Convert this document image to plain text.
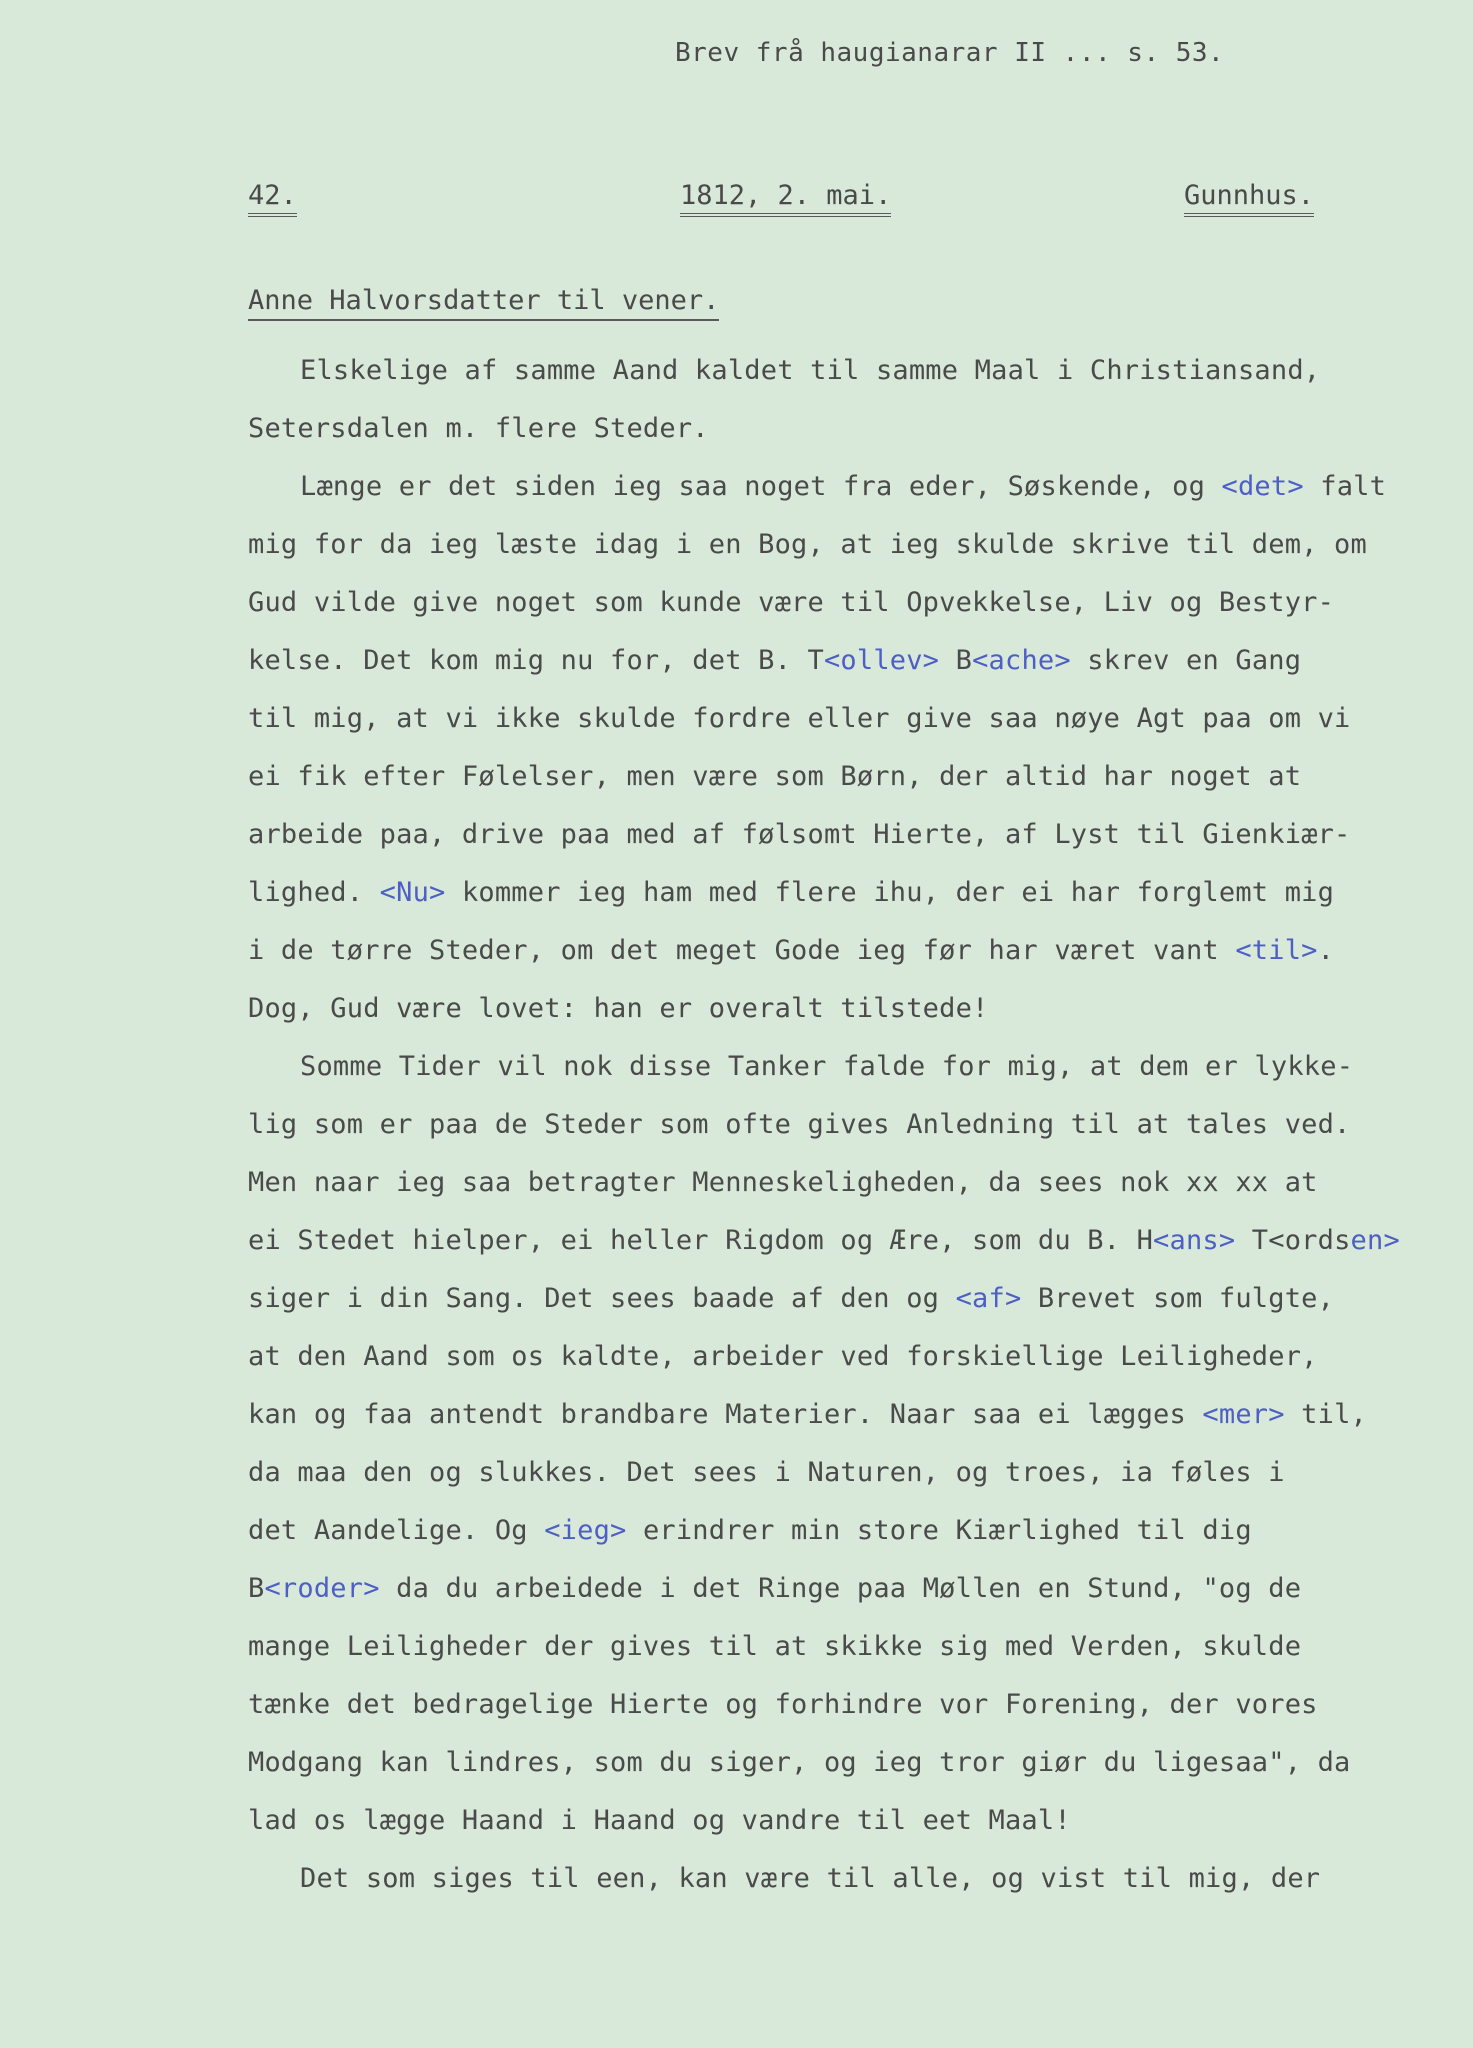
Brev frå haugianarar II ... s. 53.
42.	1812, 2. mai.	Gunnhus.
Anne Halvorsdatter til vener.
Elskelige af samme Aand kaldet til samme Maal i Christiansand,
Setersdalen m. flere Steder.
Længe er det siden ieg saa noget fra eder, Søskende, og <det> falt
mig for da ieg læste idag i en Bog, at ieg skulde skrive til dem, om
Gud vilde give noget som kunde være til Opvekkelse, Liv og Bestyr-
kelse. Det kom mig nu for, det B. T<ollev> B<ache> skrev en Gang
til mig, at vi ikke skulde fordre eller give saa nøye Agt paa om vi
ei fik efter Følelser, men være som Børn, der altid har noget at
arbeide paa, drive paa med af følsomt Hierte, af Lyst til Gienkiær-
lighed. <Nu> kommer ieg ham med flere ihu, der ei har forglemt mig
i de tørre Steder, om det meget Gode ieg før har været vant <til>.
Dog, Gud være lovet: han er overalt tilstede!
Somme Tider vil nok disse Tanker falde for mig, at dem er lykke-
lig som er paa de Steder som ofte gives Anledning til at tales ved.
Men naar ieg saa betragter Menneskeligheden, da sees nok xx xx at
ei Stedet hielper, ei heller Rigdom og Ære, som du B. H<ans> T<ordsen>
siger i din Sang. Det sees baade af den og <af> Brevet som fulgte,
at den Aand som os kaldte, arbeider ved forskiellige Leiligheder,
kan og faa antendt brandbare Materier. Naar saa ei lægges <mer> til,
da maa den og slukkes. Det sees i Naturen, og troes, ia føles i
det Aandelige. Og <ieg> erindrer min store Kiærlighed til dig
B<roder> da du arbeidede i det Ringe paa Møllen en Stund, "og de
mange Leiligheder der gives til at skikke sig med Verden, skulde
tænke det bedragelige Hierte og forhindre vor Forening, der vores
Modgang kan lindres, som du siger, og ieg tror giør du ligesaa", da
lad os lægge Haand i Haand og vandre til eet Maal!
Det som siges til een, kan være til alle, og vist til mig, der
